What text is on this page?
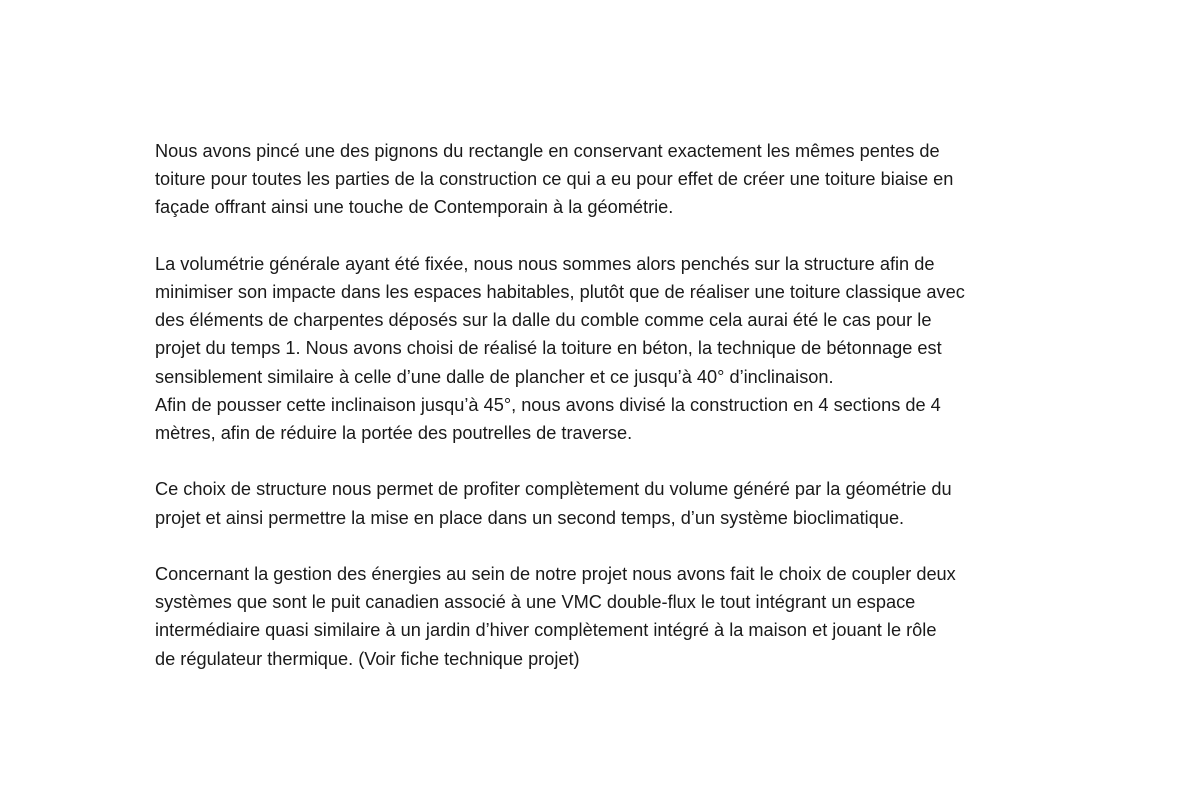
Nous avons pincé une des pignons du rectangle en conservant exactement les mêmes pentes de
toiture pour toutes les parties de la construction ce qui a eu pour effet de créer une toiture biaise en
façade offrant ainsi une touche de Contemporain à la géométrie.

La volumétrie générale ayant été fixée, nous nous sommes alors penchés sur la structure afin de
minimiser son impacte dans les espaces habitables, plutôt que de réaliser une toiture classique avec
des éléments de charpentes déposés sur la dalle du comble comme cela aurai été le cas pour le
projet du temps 1. Nous avons choisi de réalisé la toiture en béton, la technique de bétonnage est
sensiblement similaire à celle d’une dalle de plancher et ce jusqu’à 40° d’inclinaison.
Afin de pousser cette inclinaison jusqu’à 45°, nous avons divisé la construction en 4 sections de 4
mètres, afin de réduire la portée des poutrelles de traverse.

Ce choix de structure nous permet de profiter complètement du volume généré par la géométrie du
projet et ainsi permettre la mise en place dans un second temps, d’un système bioclimatique.

Concernant la gestion des énergies au sein de notre projet nous avons fait le choix de coupler deux
systèmes que sont le puit canadien associé à une VMC double-flux le tout intégrant un espace
intermédiaire quasi similaire à un jardin d’hiver complètement intégré à la maison et jouant le rôle
de régulateur thermique. (Voir fiche technique projet)
